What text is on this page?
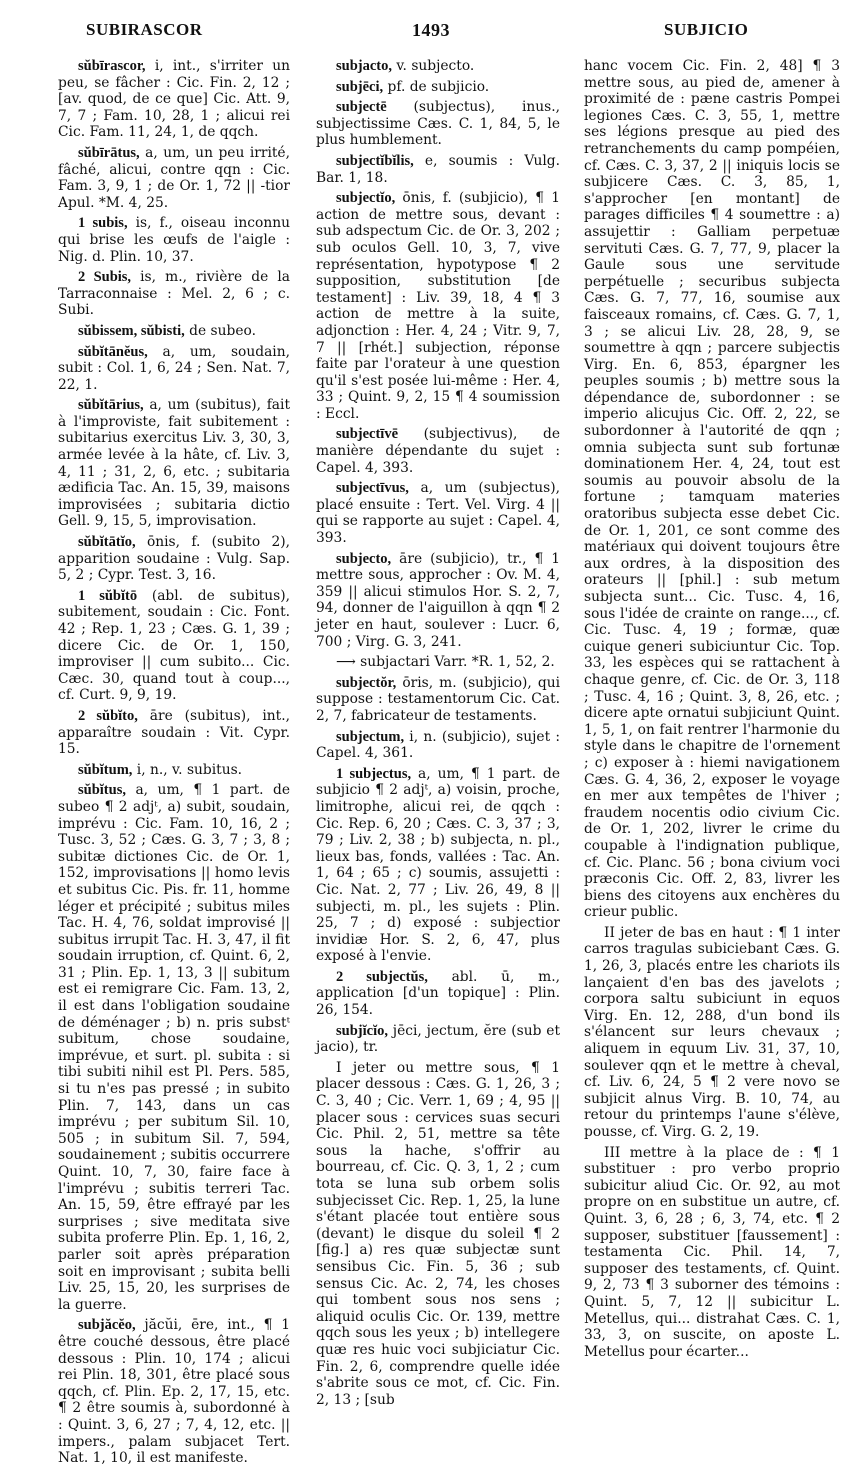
SUBIRASCOR	1493	SUBJICIO

sŭbīrascor, i, int., s'irriter un peu, se fâcher : Cic. Fin. 2, 12 ; [av. quod, de ce que] Cic. Att. 9, 7, 7 ; Fam. 10, 28, 1 ; alicui rei Cic. Fam. 11, 24, 1, de qqch.

sŭbīrātus, a, um, un peu irrité, fâché, alicui, contre qqn : Cic. Fam. 3, 9, 1 ; de Or. 1, 72 || -tior Apul. *M. 4, 25.

1 subis, is, f., oiseau inconnu qui brise les œufs de l'aigle : Nig. d. Plin. 10, 37.

2 Subis, is, m., rivière de la Tarraconnaise : Mel. 2, 6 ; c. Subi.

sŭbissem, sŭbisti, de subeo.

sŭbĭtānĕus, a, um, soudain, subit : Col. 1, 6, 24 ; Sen. Nat. 7, 22, 1.

sŭbĭtārius, a, um (subitus), fait à l'improviste, fait subitement : subitarius exercitus Liv. 3, 30, 3, armée levée à la hâte, cf. Liv. 3, 4, 11 ; 31, 2, 6, etc. ; subitaria ædificia Tac. An. 15, 39, maisons improvisées ; subitaria dictio Gell. 9, 15, 5, improvisation.

sŭbĭtātĭo, ōnis, f. (subito 2), apparition soudaine : Vulg. Sap. 5, 2 ; Cypr. Test. 3, 16.

1 sŭbĭtō (abl. de subitus), subitement, soudain : Cic. Font. 42 ; Rep. 1, 23 ; Cæs. G. 1, 39 ; dicere Cic. de Or. 1, 150, improviser || cum subito... Cic. Cæc. 30, quand tout à coup..., cf. Curt. 9, 9, 19.

2 sŭbĭto, āre (subitus), int., apparaître soudain : Vit. Cypr. 15.

sŭbĭtum, i, n., v. subitus.

sŭbĭtus, a, um, ¶ 1 part. de subeo ¶ 2 adjᵗ, a) subit, soudain, imprévu : Cic. Fam. 10, 16, 2 ; Tusc. 3, 52 ; Cæs. G. 3, 7 ; 3, 8 ; subitæ dictiones Cic. de Or. 1, 152, improvisations || homo levis et subitus Cic. Pis. fr. 11, homme léger et précipité ; subitus miles Tac. H. 4, 76, soldat improvisé || subitus irrupit Tac. H. 3, 47, il fit soudain irruption, cf. Quint. 6, 2, 31 ; Plin. Ep. 1, 13, 3 || subitum est ei remigrare Cic. Fam. 13, 2, il est dans l'obligation soudaine de déménager ; b) n. pris substᵗ subitum, chose soudaine, imprévue, et surt. pl. subita : si tibi subiti nihil est Pl. Pers. 585, si tu n'es pas pressé ; in subito Plin. 7, 143, dans un cas imprévu ; per subitum Sil. 10, 505 ; in subitum Sil. 7, 594, soudainement ; subitis occurrere Quint. 10, 7, 30, faire face à l'imprévu ; subitis terreri Tac. An. 15, 59, être effrayé par les surprises ; sive meditata sive subita proferre Plin. Ep. 1, 16, 2, parler soit après préparation soit en improvisant ; subita belli Liv. 25, 15, 20, les surprises de la guerre.

subjăcĕo, jăcŭi, ēre, int., ¶ 1 être couché dessous, être placé dessous : Plin. 10, 174 ; alicui rei Plin. 18, 301, être placé sous qqch, cf. Plin. Ep. 2, 17, 15, etc. ¶ 2 être soumis à, subordonné à : Quint. 3, 6, 27 ; 7, 4, 12, etc. || impers., palam subjacet Tert. Nat. 1, 10, il est manifeste.

subjacto, v. subjecto.

subjēci, pf. de subjicio.

subjectē (subjectus), inus., subjectissime Cæs. C. 1, 84, 5, le plus humblement.

subjectĭbĭlis, e, soumis : Vulg. Bar. 1, 18.

subjectĭo, ōnis, f. (subjicio), ¶ 1 action de mettre sous, devant : sub adspectum Cic. de Or. 3, 202 ; sub oculos Gell. 10, 3, 7, vive représentation, hypotypose ¶ 2 supposition, substitution [de testament] : Liv. 39, 18, 4 ¶ 3 action de mettre à la suite, adjonction : Her. 4, 24 ; Vitr. 9, 7, 7 || [rhét.] subjection, réponse faite par l'orateur à une question qu'il s'est posée lui-même : Her. 4, 33 ; Quint. 9, 2, 15 ¶ 4 soumission : Eccl.

subjectīvē (subjectivus), de manière dépendante du sujet : Capel. 4, 393.

subjectīvus, a, um (subjectus), placé ensuite : Tert. Vel. Virg. 4 || qui se rapporte au sujet : Capel. 4, 393.

subjecto, āre (subjicio), tr., ¶ 1 mettre sous, approcher : Ov. M. 4, 359 || alicui stimulos Hor. S. 2, 7, 94, donner de l'aiguillon à qqn ¶ 2 jeter en haut, soulever : Lucr. 6, 700 ; Virg. G. 3, 241.

⟶ subjactari Varr. *R. 1, 52, 2.

subjectŏr, ōris, m. (subjicio), qui suppose : testamentorum Cic. Cat. 2, 7, fabricateur de testaments.

subjectum, i, n. (subjicio), sujet : Capel. 4, 361.

1 subjectus, a, um, ¶ 1 part. de subjicio ¶ 2 adjᵗ, a) voisin, proche, limitrophe, alicui rei, de qqch : Cic. Rep. 6, 20 ; Cæs. C. 3, 37 ; 3, 79 ; Liv. 2, 38 ; b) subjecta, n. pl., lieux bas, fonds, vallées : Tac. An. 1, 64 ; 65 ; c) soumis, assujetti : Cic. Nat. 2, 77 ; Liv. 26, 49, 8 || subjecti, m. pl., les sujets : Plin. 25, 7 ; d) exposé : subjectior invidiæ Hor. S. 2, 6, 47, plus exposé à l'envie.

2 subjectŭs, abl. ū, m., application [d'un topique] : Plin. 26, 154.

subjĭcĭo, jēci, jectum, ĕre (sub et jacio), tr.

I jeter ou mettre sous, ¶ 1 placer dessous : Cæs. G. 1, 26, 3 ; C. 3, 40 ; Cic. Verr. 1, 69 ; 4, 95 || placer sous : cervices suas securi Cic. Phil. 2, 51, mettre sa tête sous la hache, s'offrir au bourreau, cf. Cic. Q. 3, 1, 2 ; cum tota se luna sub orbem solis subjecisset Cic. Rep. 1, 25, la lune s'étant placée tout entière sous (devant) le disque du soleil ¶ 2 [fig.] a) res quæ subjectæ sunt sensibus Cic. Fin. 5, 36 ; sub sensus Cic. Ac. 2, 74, les choses qui tombent sous nos sens ; aliquid oculis Cic. Or. 139, mettre qqch sous les yeux ; b) intellegere quæ res huic voci subjiciatur Cic. Fin. 2, 6, comprendre quelle idée s'abrite sous ce mot, cf. Cic. Fin. 2, 13 ; [sub

hanc vocem Cic. Fin. 2, 48] ¶ 3 mettre sous, au pied de, amener à proximité de : pæne castris Pompei legiones Cæs. C. 3, 55, 1, mettre ses légions presque au pied des retranchements du camp pompéien, cf. Cæs. C. 3, 37, 2 || iniquis locis se subjicere Cæs. C. 3, 85, 1, s'approcher [en montant] de parages difficiles ¶ 4 soumettre : a) assujettir : Galliam perpetuæ servituti Cæs. G. 7, 77, 9, placer la Gaule sous une servitude perpétuelle ; securibus subjecta Cæs. G. 7, 77, 16, soumise aux faisceaux romains, cf. Cæs. G. 7, 1, 3 ; se alicui Liv. 28, 28, 9, se soumettre à qqn ; parcere subjectis Virg. En. 6, 853, épargner les peuples soumis ; b) mettre sous la dépendance de, subordonner : se imperio alicujus Cic. Off. 2, 22, se subordonner à l'autorité de qqn ; omnia subjecta sunt sub fortunæ dominationem Her. 4, 24, tout est soumis au pouvoir absolu de la fortune ; tamquam materies oratoribus subjecta esse debet Cic. de Or. 1, 201, ce sont comme des matériaux qui doivent toujours être aux ordres, à la disposition des orateurs || [phil.] : sub metum subjecta sunt... Cic. Tusc. 4, 16, sous l'idée de crainte on range..., cf. Cic. Tusc. 4, 19 ; formæ, quæ cuique generi subiciuntur Cic. Top. 33, les espèces qui se rattachent à chaque genre, cf. Cic. de Or. 3, 118 ; Tusc. 4, 16 ; Quint. 3, 8, 26, etc. ; dicere apte ornatui subjiciunt Quint. 1, 5, 1, on fait rentrer l'harmonie du style dans le chapitre de l'ornement ; c) exposer à : hiemi navigationem Cæs. G. 4, 36, 2, exposer le voyage en mer aux tempêtes de l'hiver ; fraudem nocentis odio civium Cic. de Or. 1, 202, livrer le crime du coupable à l'indignation publique, cf. Cic. Planc. 56 ; bona civium voci præconis Cic. Off. 2, 83, livrer les biens des citoyens aux enchères du crieur public.

II jeter de bas en haut : ¶ 1 inter carros tragulas subiciebant Cæs. G. 1, 26, 3, placés entre les chariots ils lançaient d'en bas des javelots ; corpora saltu subiciunt in equos Virg. En. 12, 288, d'un bond ils s'élancent sur leurs chevaux ; aliquem in equum Liv. 31, 37, 10, soulever qqn et le mettre à cheval, cf. Liv. 6, 24, 5 ¶ 2 vere novo se subjicit alnus Virg. B. 10, 74, au retour du printemps l'aune s'élève, pousse, cf. Virg. G. 2, 19.

III mettre à la place de : ¶ 1 substituer : pro verbo proprio subicitur aliud Cic. Or. 92, au mot propre on en substitue un autre, cf. Quint. 3, 6, 28 ; 6, 3, 74, etc. ¶ 2 supposer, substituer [faussement] : testamenta Cic. Phil. 14, 7, supposer des testaments, cf. Quint. 9, 2, 73 ¶ 3 suborner des témoins : Quint. 5, 7, 12 || subicitur L. Metellus, qui... distrahat Cæs. C. 1, 33, 3, on suscite, on aposte L. Metellus pour écarter...
